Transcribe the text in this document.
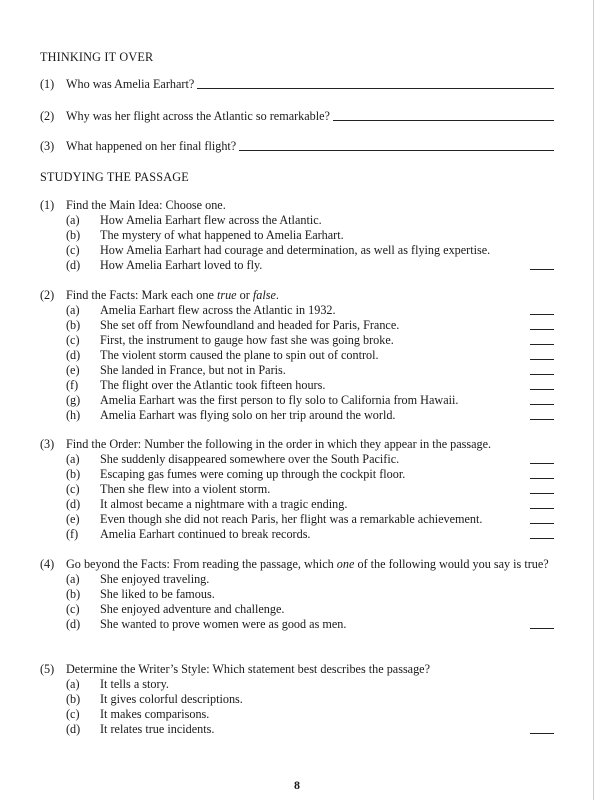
THINKING IT OVER
(1) Who was Amelia Earhart?
(2) Why was her flight across the Atlantic so remarkable?
(3) What happened on her final flight?
STUDYING THE PASSAGE
(1) Find the Main Idea: Choose one.
(a)	How Amelia Earhart flew across the Atlantic.
(b)	The mystery of what happened to Amelia Earhart.
(c)	How Amelia Earhart had courage and determination, as well as flying expertise.
(d)	How Amelia Earhart loved to fly.
(2) Find the Facts: Mark each one true or false.
(a)	Amelia Earhart flew across the Atlantic in 1932.
(b)	She set off from Newfoundland and headed for Paris, France.
(c)	First, the instrument to gauge how fast she was going broke.
(d)	The violent storm caused the plane to spin out of control.
(e)	She landed in France, but not in Paris.
(f)	The flight over the Atlantic took fifteen hours.
(g)	Amelia Earhart was the first person to fly solo to California from Hawaii.
(h)	Amelia Earhart was flying solo on her trip around the world.
(3) Find the Order: Number the following in the order in which they appear in the passage.
(a)	She suddenly disappeared somewhere over the South Pacific.
(b)	Escaping gas fumes were coming up through the cockpit floor.
(c)	Then she flew into a violent storm.
(d)	It almost became a nightmare with a tragic ending.
(e)	Even though she did not reach Paris, her flight was a remarkable achievement.
(f)	Amelia Earhart continued to break records.
(4) Go beyond the Facts: From reading the passage, which one of the following would you say is true?
(a)	She enjoyed traveling.
(b)	She liked to be famous.
(c)	She enjoyed adventure and challenge.
(d)	She wanted to prove women were as good as men.
(5) Determine the Writer’s Style: Which statement best describes the passage?
(a)	It tells a story.
(b)	It gives colorful descriptions.
(c)	It makes comparisons.
(d)	It relates true incidents.
8
